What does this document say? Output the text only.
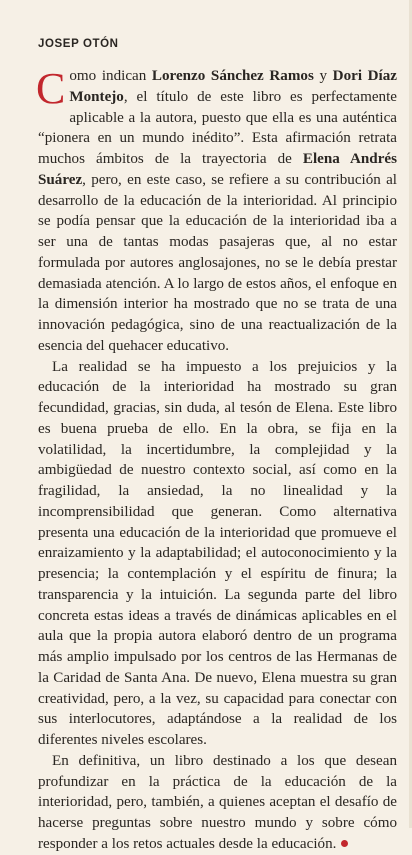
JOSEP OTÓN

Como indican Lorenzo Sánchez Ramos y Dori Díaz Montejo, el título de este libro es perfectamente aplicable a la autora, puesto que ella es una auténtica “pionera en un mundo inédito”. Esta afirmación retrata muchos ámbitos de la trayectoria de Elena Andrés Suárez, pero, en este caso, se refiere a su contribución al desarrollo de la educación de la interioridad. Al principio se podía pensar que la educación de la interioridad iba a ser una de tantas modas pasajeras que, al no estar formulada por autores anglosajones, no se le debía prestar demasiada atención. A lo largo de estos años, el enfoque en la dimensión interior ha mostrado que no se trata de una innovación pedagógica, sino de una reactualización de la esencia del quehacer educativo.

La realidad se ha impuesto a los prejuicios y la educación de la interioridad ha mostrado su gran fecundidad, gracias, sin duda, al tesón de Elena. Este libro es buena prueba de ello. En la obra, se fija en la volatilidad, la incertidumbre, la complejidad y la ambigüedad de nuestro contexto social, así como en la fragilidad, la ansiedad, la no linealidad y la incomprensibilidad que generan. Como alternativa presenta una educación de la interioridad que promueve el enraizamiento y la adaptabilidad; el autoconocimiento y la presencia; la contemplación y el espíritu de finura; la transparencia y la intuición. La segunda parte del libro concreta estas ideas a través de dinámicas aplicables en el aula que la propia autora elaboró dentro de un programa más amplio impulsado por los centros de las Hermanas de la Caridad de Santa Ana. De nuevo, Elena muestra su gran creatividad, pero, a la vez, su capacidad para conectar con sus interlocutores, adaptándose a la realidad de los diferentes niveles escolares.

En definitiva, un libro destinado a los que desean profundizar en la práctica de la educación de la interioridad, pero, también, a quienes aceptan el desafío de hacerse preguntas sobre nuestro mundo y sobre cómo responder a los retos actuales desde la educación.
